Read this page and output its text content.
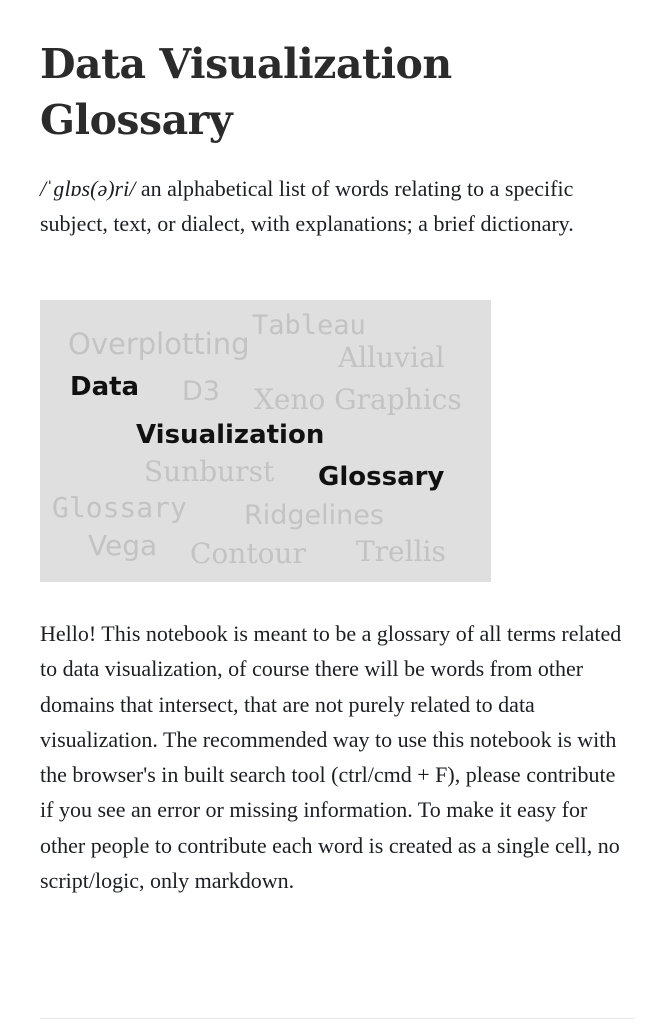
Data Visualization Glossary
/ˈɡlɒs(ə)ri/ an alphabetical list of words relating to a specific subject, text, or dialect, with explanations; a brief dictionary.
Tableau
Overplotting	Alluvial
Data D3 Xeno Graphics
Visualization
Sunburst Glossary
Glossary Ridgelines
Vega Contour Trellis

Hello! This notebook is meant to be a glossary of all terms related to data visualization, of course there will be words from other domains that intersect, that are not purely related to data visualization. The recommended way to use this notebook is with the browser's in built search tool (ctrl/cmd + F), please contribute if you see an error or missing information. To make it easy for other people to contribute each word is created as a single cell, no script/logic, only markdown.
